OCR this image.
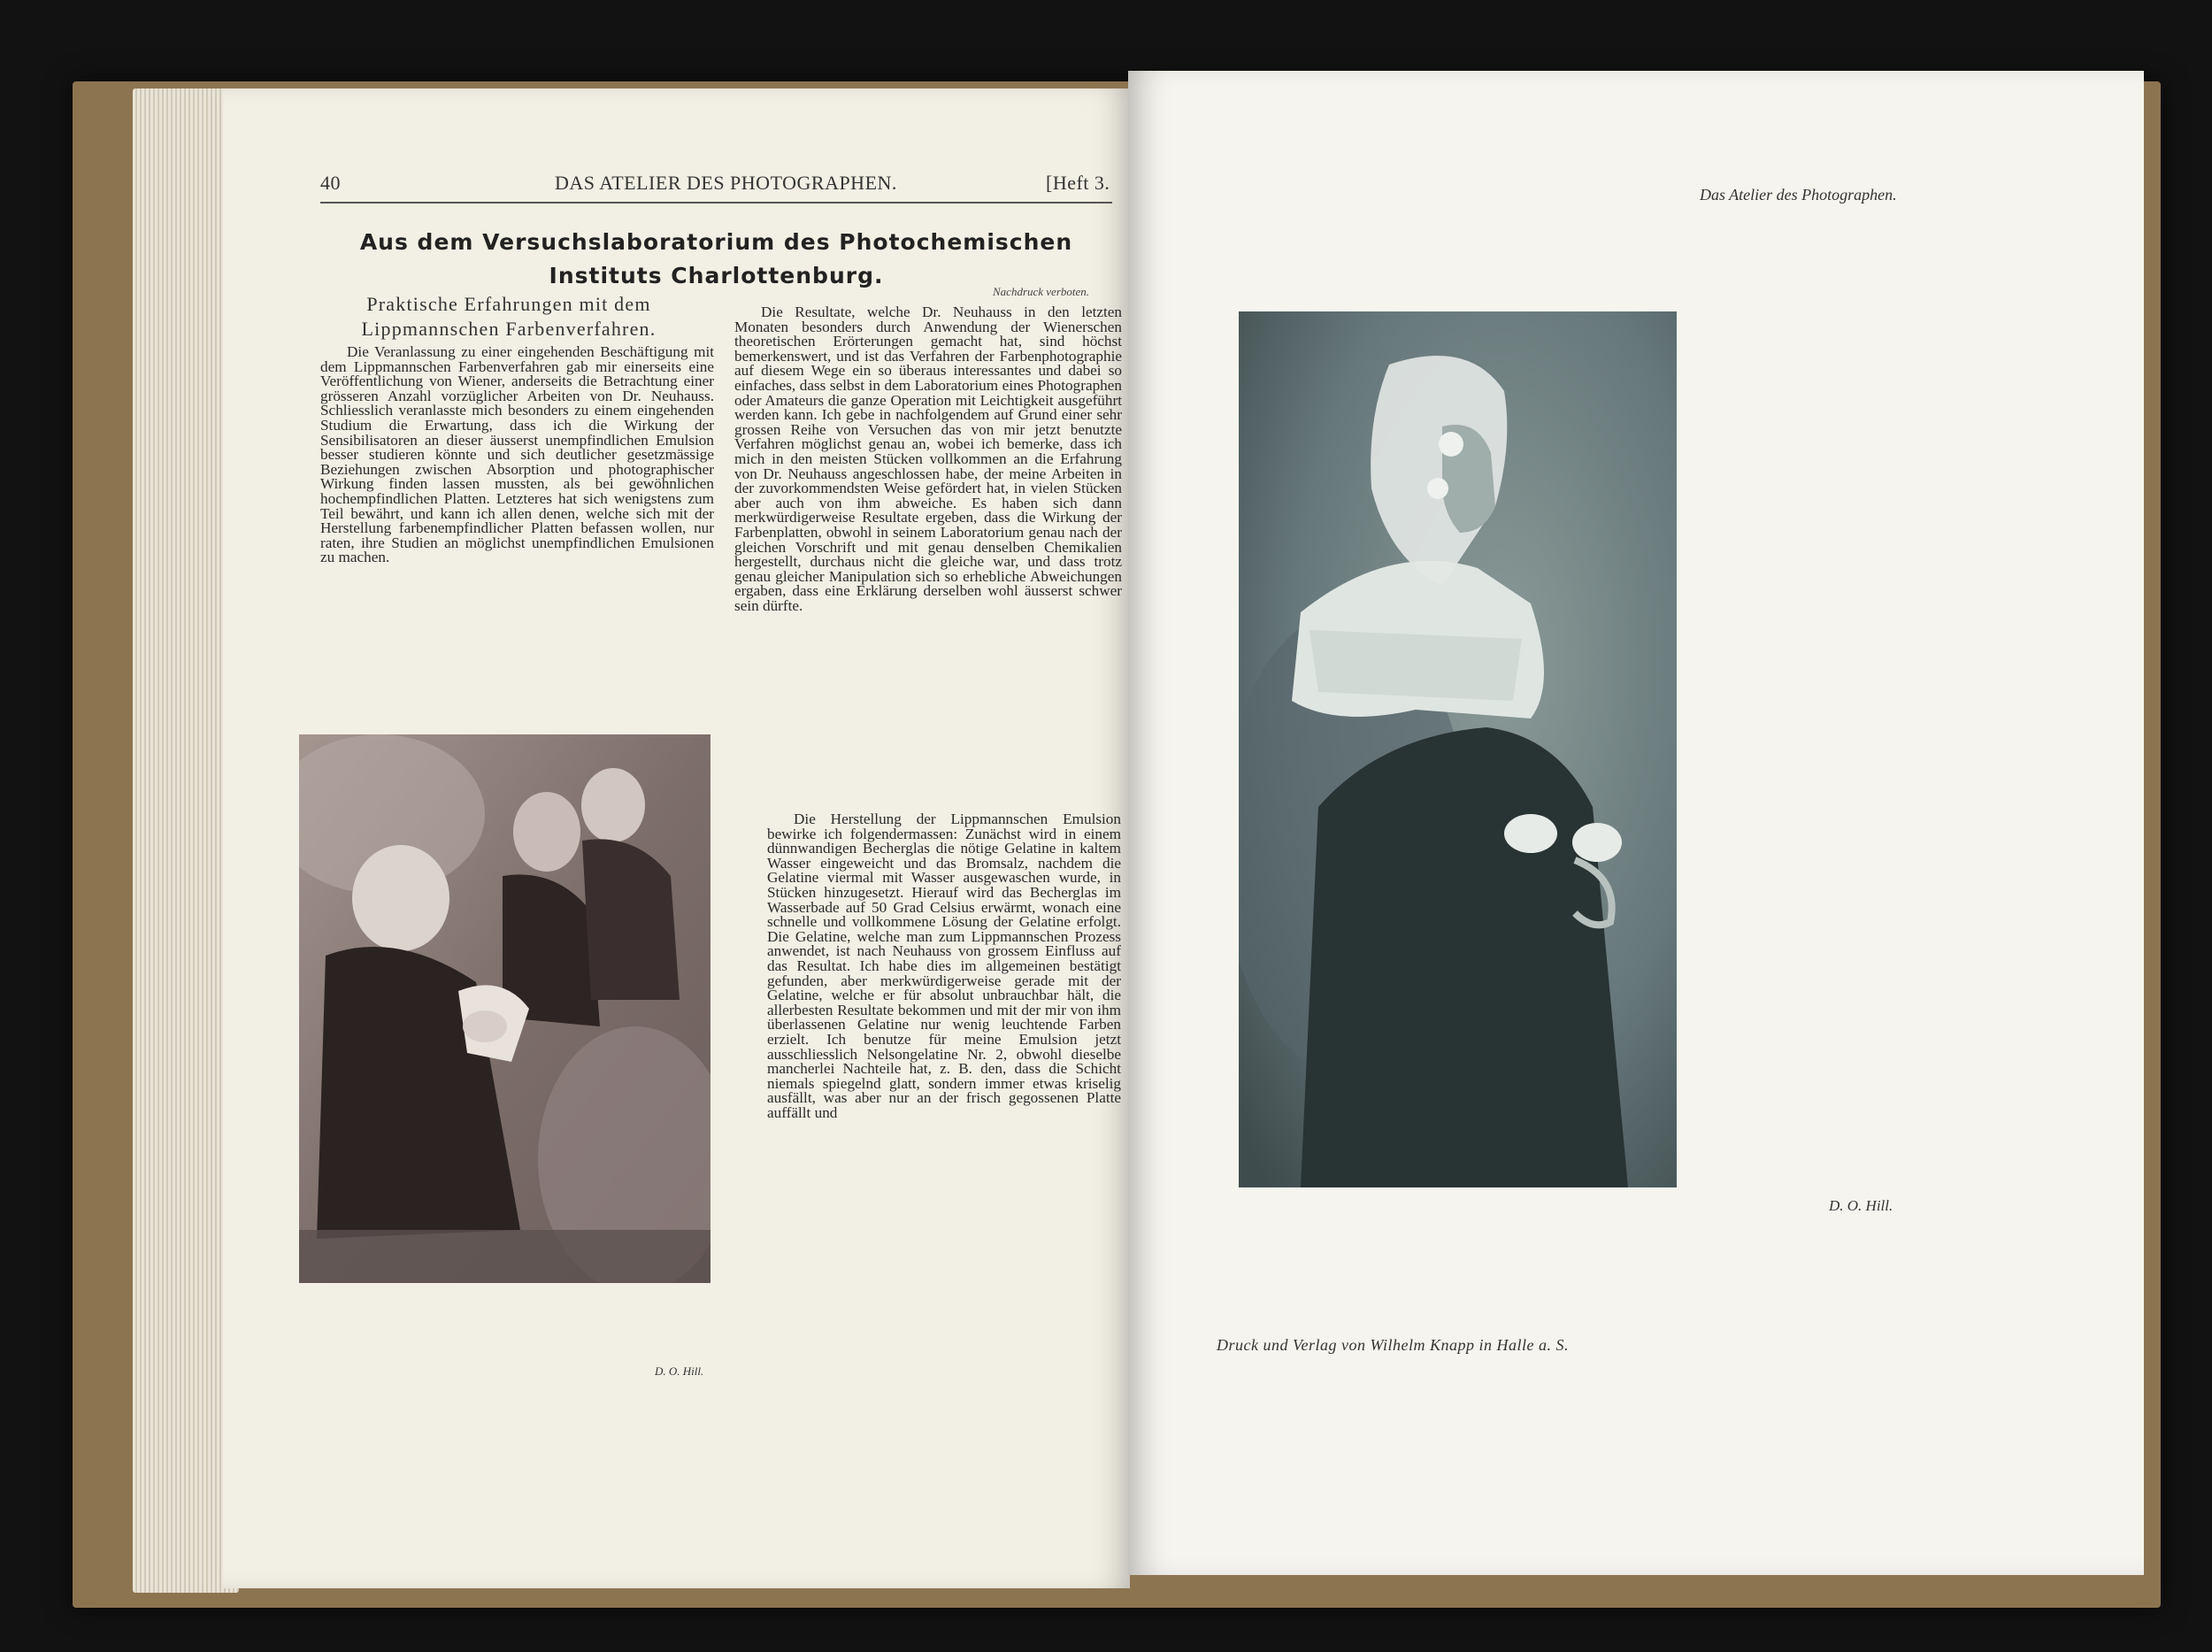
40	DAS ATELIER DES PHOTOGRAPHEN.	[Heft 3.
Aus dem Versuchslaboratorium des Photochemischen Instituts Charlottenburg.
Nachdruck verboten.
Praktische Erfahrungen mit dem Lippmannschen Farbenverfahren.

Die Veranlassung zu einer eingehenden Beschäftigung mit dem Lippmannschen Farbenverfahren gab mir einerseits eine Veröffentlichung von Wiener, anderseits die Betrachtung einer grösseren Anzahl vorzüglicher Arbeiten von Dr. Neuhauss. Schliesslich veranlasste mich besonders zu einem eingehenden Studium die Erwartung, dass ich die Wirkung der Sensibilisatoren an dieser äusserst unempfindlichen Emulsion besser studieren könnte und sich deutlicher gesetzmässige Beziehungen zwischen Absorption und photographischer Wirkung finden lassen mussten, als bei gewöhnlichen hochempfindlichen Platten. Letzteres hat sich wenigstens zum Teil bewährt, und kann ich allen denen, welche sich mit der Herstellung farbenempfindlicher Platten befassen wollen, nur raten, ihre Studien an möglichst unempfindlichen Emulsionen zu machen.

Die Resultate, welche Dr. Neuhauss in den letzten Monaten besonders durch Anwendung der Wienerschen theoretischen Erörterungen gemacht hat, sind höchst bemerkenswert, und ist das Verfahren der Farbenphotographie auf diesem Wege ein so überaus interessantes und dabei so einfaches, dass selbst in dem Laboratorium eines Photographen oder Amateurs die ganze Operation mit Leichtigkeit ausgeführt werden kann. Ich gebe in nachfolgendem auf Grund einer sehr grossen Reihe von Versuchen das von mir jetzt benutzte Verfahren möglichst genau an, wobei ich bemerke, dass ich mich in den meisten Stücken vollkommen an die Erfahrung von Dr. Neuhauss angeschlossen habe, der meine Arbeiten in der zuvorkommendsten Weise gefördert hat, in vielen Stücken aber auch von ihm abweiche. Es haben sich dann merkwürdigerweise Resultate ergeben, dass die Wirkung der Farbenplatten, obwohl in seinem Laboratorium genau nach der gleichen Vorschrift und mit genau denselben Chemikalien hergestellt, durchaus nicht die gleiche war, und dass trotz genau gleicher Manipulation sich so erhebliche Abweichungen ergaben, dass eine Erklärung derselben wohl äusserst schwer sein dürfte.

Die Herstellung der Lippmannschen Emulsion bewirke ich folgendermassen: Zunächst wird in einem dünnwandigen Becherglas die nötige Gelatine in kaltem Wasser eingeweicht und das Bromsalz, nachdem die Gelatine viermal mit Wasser ausgewaschen wurde, in Stücken hinzugesetzt. Hierauf wird das Becherglas im Wasserbade auf 50 Grad Celsius erwärmt, wonach eine schnelle und vollkommene Lösung der Gelatine erfolgt. Die Gelatine, welche man zum Lippmannschen Prozess anwendet, ist nach Neuhauss von grossem Einfluss auf das Resultat. Ich habe dies im allgemeinen bestätigt gefunden, aber merkwürdigerweise gerade mit der Gelatine, welche er für absolut unbrauchbar hält, die allerbesten Resultate bekommen und mit der mir von ihm überlassenen Gelatine nur wenig leuchtende Farben erzielt. Ich benutze für meine Emulsion jetzt ausschliesslich Nelsongelatine Nr. 2, obwohl dieselbe mancherlei Nachteile hat, z. B. den, dass die Schicht niemals spiegelnd glatt, sondern immer etwas kriselig ausfällt, was aber nur an der frisch gegossenen Platte auffällt und

D. O. Hill.
Das Atelier des Photographen.
D. O. Hill.
Druck und Verlag von Wilhelm Knapp in Halle a. S.
